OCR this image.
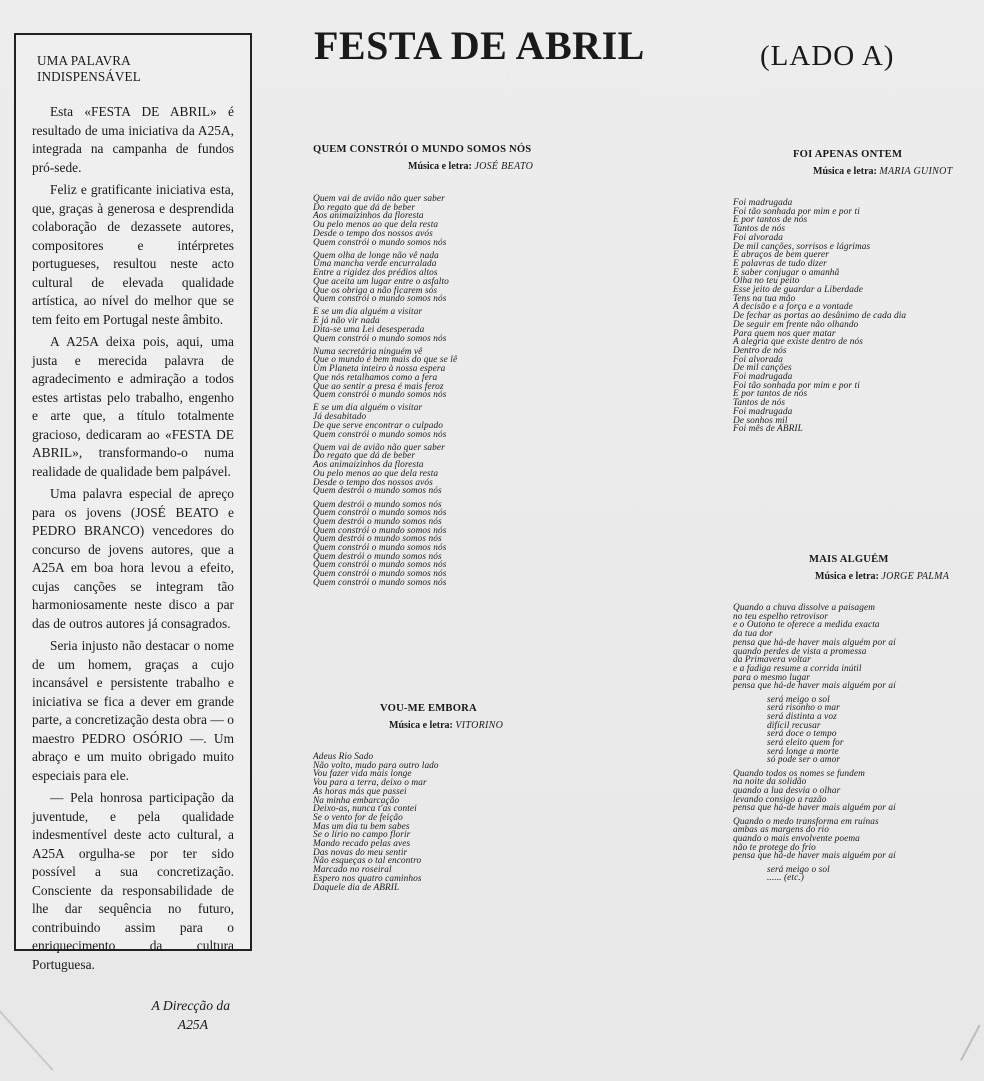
UMA PALAVRA INDISPENSÁVEL

Esta «FESTA DE ABRIL» é resultado de uma iniciativa da A25A, integrada na campanha de fundos pró-sede.

Feliz e gratificante iniciativa esta, que, graças à generosa e desprendida colaboração de dezassete autores, compositores e intérpretes portugueses, resultou neste acto cultural de elevada qualidade artística, ao nível do melhor que se tem feito em Portugal neste âmbito.

A A25A deixa pois, aqui, uma justa e merecida palavra de agradecimento e admiração a todos estes artistas pelo trabalho, engenho e arte que, a título totalmente gracioso, dedicaram ao «FESTA DE ABRIL», transformando-o numa realidade de qualidade bem palpável.

Uma palavra especial de apreço para os jovens (JOSÉ BEATO e PEDRO BRANCO) vencedores do concurso de jovens autores, que a A25A em boa hora levou a efeito, cujas canções se integram tão harmoniosamente neste disco a par das de outros autores já consagrados.

Seria injusto não destacar o nome de um homem, graças a cujo incansável e persistente trabalho e iniciativa se fica a dever em grande parte, a concretização desta obra — o maestro PEDRO OSÓRIO —. Um abraço e um muito obrigado muito especiais para ele.

— Pela honrosa participação da juventude, e pela qualidade indesmentível deste acto cultural, a A25A orgulha-se por ter sido possível a sua concretização. Consciente da responsabilidade de lhe dar sequência no futuro, contribuindo assim para o enriquecimento da cultura Portuguesa.

A Direcção da
A25A
FESTA DE ABRIL	(LADO A)
QUEM CONSTRÓI O MUNDO SOMOS NÓS
Música e letra: JOSÉ BEATO
Quem vai de avião não quer saber
Do regato que dá de beber
Aos animaizinhos da floresta
Ou pelo menos ao que dela resta
Desde o tempo dos nossos avós
Quem constrói o mundo somos nós
Quem olha de longe não vê nada
Uma mancha verde encurralada
Entre a rigidez dos prédios altos
Que aceita um lugar entre o asfalto
Que os obriga a não ficarem sós
Quem constrói o mundo somos nós
E se um dia alguém a visitar
E já não vir nada
Dita-se uma Lei desesperada
Quem constrói o mundo somos nós
Numa secretária ninguém vê
Que o mundo é bem mais do que se lê
Um Planeta inteiro à nossa espera
Que nós retalhamos como a fera
Que ao sentir a presa é mais feroz
Quem constrói o mundo somos nós
E se um dia alguém o visitar
Já desabitado
De que serve encontrar o culpado
Quem constrói o mundo somos nós
Quem vai de avião não quer saber
Do regato que dá de beber
Aos animaizinhos da floresta
Ou pelo menos ao que dela resta
Desde o tempo dos nossos avós
Quem destrói o mundo somos nós
Quem destrói o mundo somos nós
Quem constrói o mundo somos nós
Quem destrói o mundo somos nós
Quem constrói o mundo somos nós
Quem destrói o mundo somos nós
Quem constrói o mundo somos nós
Quem destrói o mundo somos nós
Quem constrói o mundo somos nós
Quem constrói o mundo somos nós
Quem constrói o mundo somos nós
VOU-ME EMBORA
Música e letra: VITORINO
Adeus Rio Sado
Não volto, mudo para outro lado
Vou fazer vida mais longe
Vou para a terra, deixo o mar
As horas más que passei
Na minha embarcação
Deixo-as, nunca t'as contei
Se o vento for de feição
Mas um dia tu bem sabes
Se o lírio no campo florir
Mando recado pelas aves
Das novas do meu sentir
Não esqueças o tal encontro
Marcado no roseiral
Espero nos quatro caminhos
Daquele dia de ABRIL
FOI APENAS ONTEM
Música e letra: MARIA GUINOT
Foi madrugada
Foi tão sonhada por mim e por ti
E por tantos de nós
Tantos de nós
Foi alvorada
De mil canções, sorrisos e lágrimas
E abraços de bem querer
E palavras de tudo dizer
E saber conjugar o amanhã
Olha no teu peito
Esse jeito de guardar a Liberdade
Tens na tua mão
A decisão e a força e a vontade
De fechar as portas ao desânimo de cada dia
De seguir em frente não olhando
Para quem nos quer matar
A alegria que existe dentro de nós
Dentro de nós
Foi alvorada
De mil canções
Foi madrugada
Foi tão sonhada por mim e por ti
E por tantos de nós
Tantos de nós
Foi madrugada
De sonhos mil
Foi mês de ABRIL
MAIS ALGUÉM
Música e letra: JORGE PALMA
Quando a chuva dissolve a paisagem
no teu espelho retrovisor
e o Outono te oferece a medida exacta
da tua dor
pensa que há-de haver mais alguém por aí
quando perdes de vista a promessa
da Primavera voltar
e a fadiga resume a corrida inútil
para o mesmo lugar
pensa que há-de haver mais alguém por aí
será meigo o sol
será risonho o mar
será distinta a voz
difícil recusar
será doce o tempo
será eleito quem for
será longe a morte
só pode ser o amor
Quando todos os nomes se fundem
na noite da solidão
quando a lua desvia o olhar
levando consigo a razão
pensa que há-de haver mais alguém por aí
Quando o medo transforma em ruínas
ambas as margens do rio
quando o mais envolvente poema
não te protege do frio
pensa que há-de haver mais alguém por aí
será meigo o sol
...... (etc.)
